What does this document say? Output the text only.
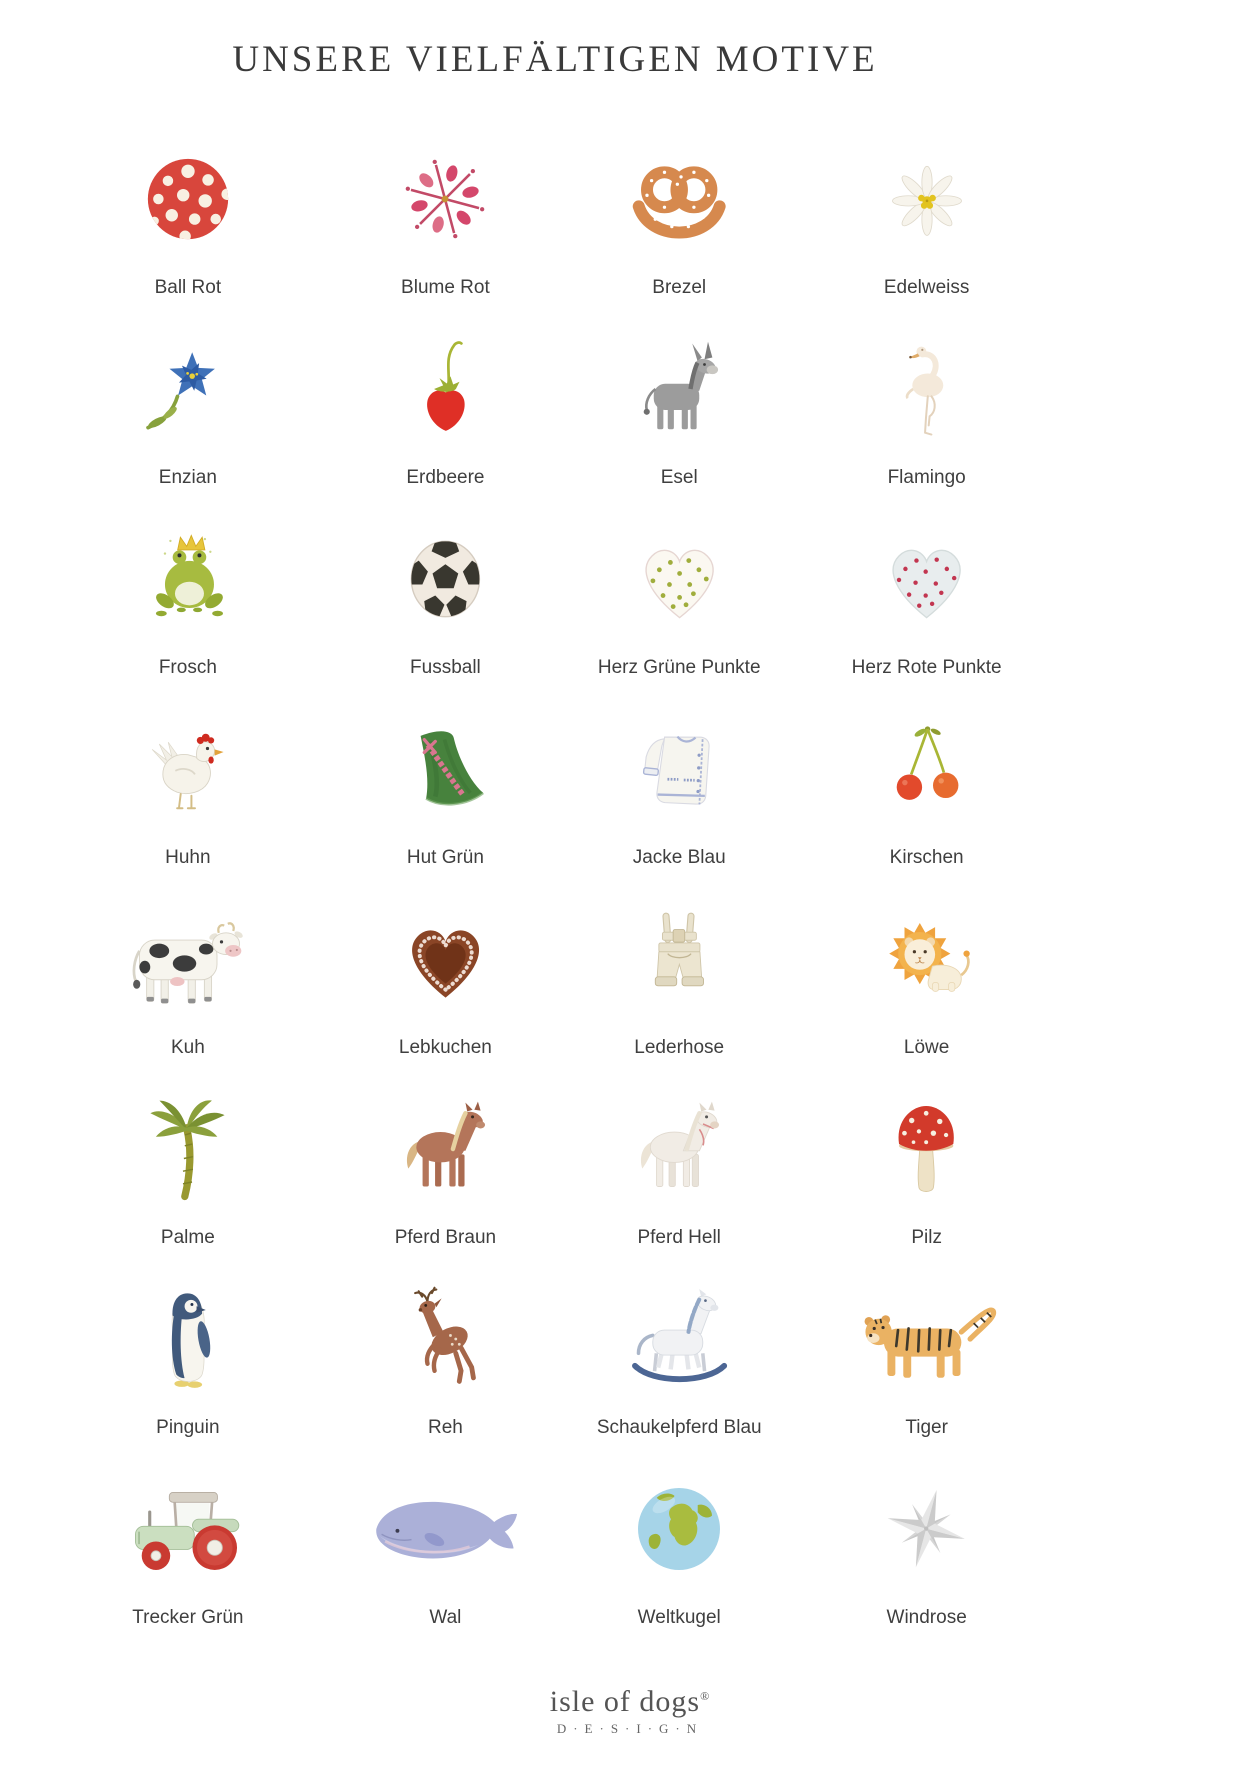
UNSERE VIELFÄLTIGEN MOTIVE
Ball Rot	Blume Rot	Brezel	Edelweiss
Enzian	Erdbeere	Esel	Flamingo
Frosch	Fussball	Herz Grüne Punkte	Herz Rote Punkte
Huhn	Hut Grün	Jacke Blau	Kirschen
Kuh	Lebkuchen	Lederhose	Löwe
Palme	Pferd Braun	Pferd Hell	Pilz
Pinguin	Reh	Schaukelpferd Blau	Tiger
Trecker Grün	Wal	Weltkugel	Windrose
isle of dogs®
D·E·S·I·G·N
